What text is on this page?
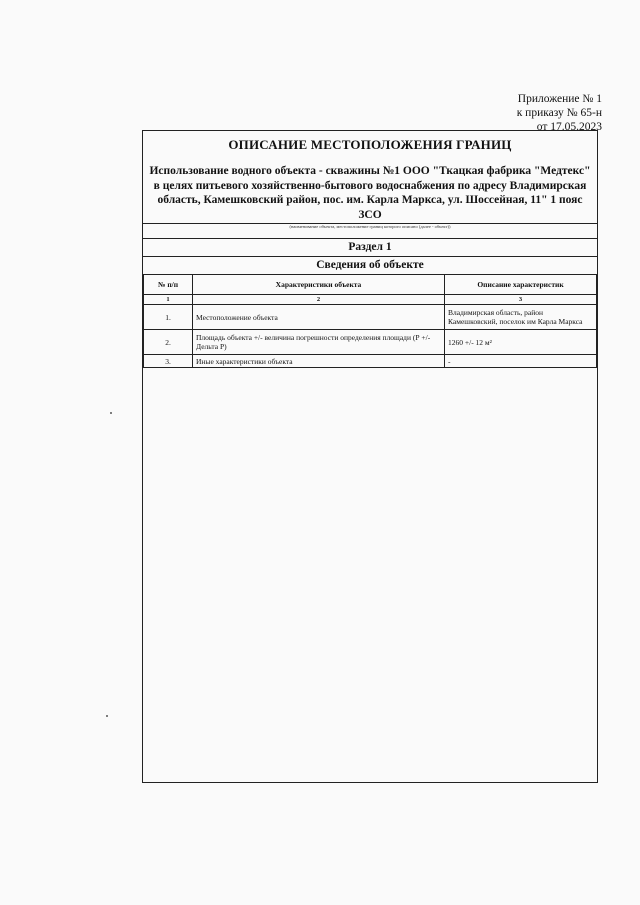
Приложение № 1
к приказу № 65-н
от 17.05.2023
ОПИСАНИЕ МЕСТОПОЛОЖЕНИЯ ГРАНИЦ
Использование водного объекта - скважины №1 ООО "Ткацкая фабрика "Медтекс" в целях питьевого хозяйственно-бытового водоснабжения по адресу Владимирская область, Камешковский район, пос. им. Карла Маркса, ул. Шоссейная, 11" 1 пояс ЗСО
(наименование объекта, местоположение границ которого описано (далее - объект))
Раздел 1
Сведения об объекте
№ п/п	Характеристики объекта	Описание характеристик
1	2	3
1.	Местоположение объекта	Владимирская область, район Камешковский, поселок им Карла Маркса
2.	Площадь объекта +/- величина погрешности определения площади (Р +/- Дельта Р)	1260 +/- 12 м²
3.	Иные характеристики объекта	-
